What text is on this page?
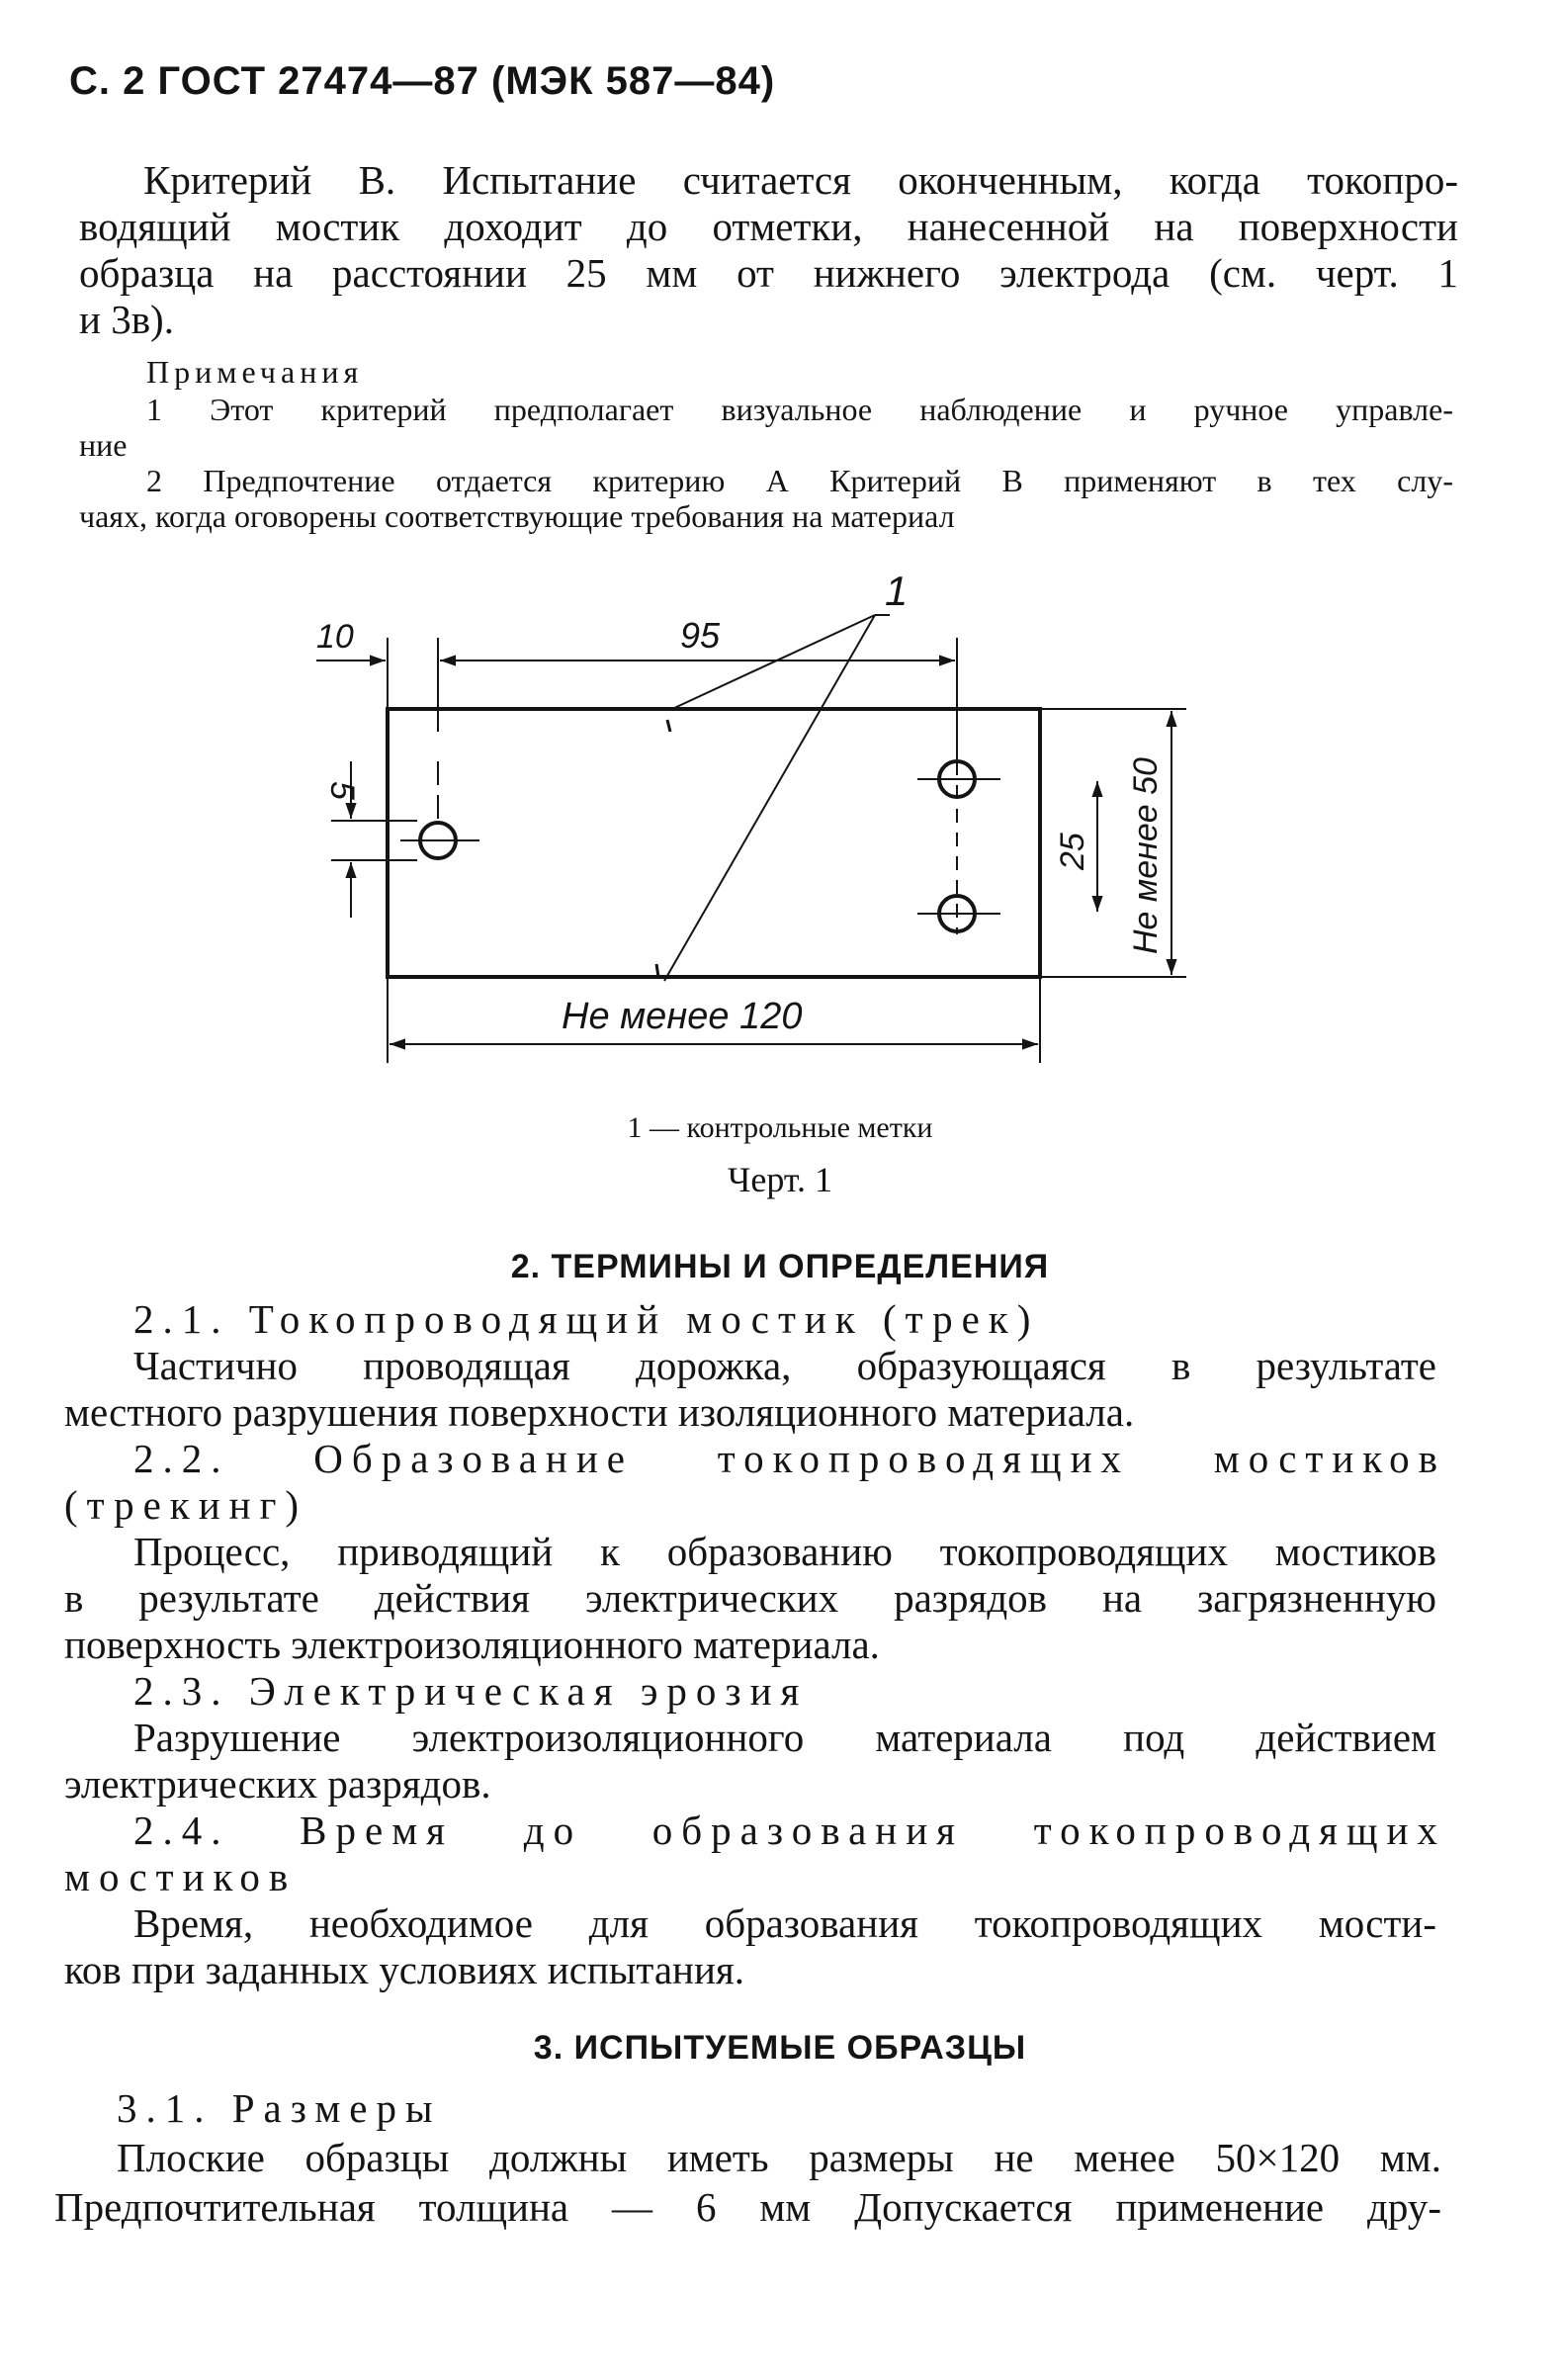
С. 2 ГОСТ 27474—87 (МЭК 587—84)
Критерий В. Испытание считается оконченным, когда токопро-
водящий мостик доходит до отметки, нанесенной на поверхности
образца на расстоянии 25 мм от нижнего электрода (см. черт. 1
и 3в).
Примечания
1 Этот критерий предполагает визуальное наблюдение и ручное управле-
ние
2 Предпочтение отдается критерию А Критерий В применяют в тех слу-
чаях, когда оговорены соответствующие требования на материал
10	95
5
25 Не менее 50
Не менее 120
1
1 — контрольные метки
Черт. 1
2. ТЕРМИНЫ И ОПРЕДЕЛЕНИЯ
2.1. Токопроводящий мостик (трек)
Частично проводящая дорожка, образующаяся в результате
местного разрушения поверхности изоляционного материала.
2.2. Образование токопроводящих мостиков
(трекинг)
Процесс, приводящий к образованию токопроводящих мостиков
в результате действия электрических разрядов на загрязненную
поверхность электроизоляционного материала.
2.3. Электрическая эрозия
Разрушение электроизоляционного материала под действием
электрических разрядов.
2.4. Время до образования токопроводящих
мостиков
Время, необходимое для образования токопроводящих мости-
ков при заданных условиях испытания.
3. ИСПЫТУЕМЫЕ ОБРАЗЦЫ
3.1. Размеры
Плоские образцы должны иметь размеры не менее 50×120 мм.
Предпочтительная толщина — 6 мм Допускается применение дру-
